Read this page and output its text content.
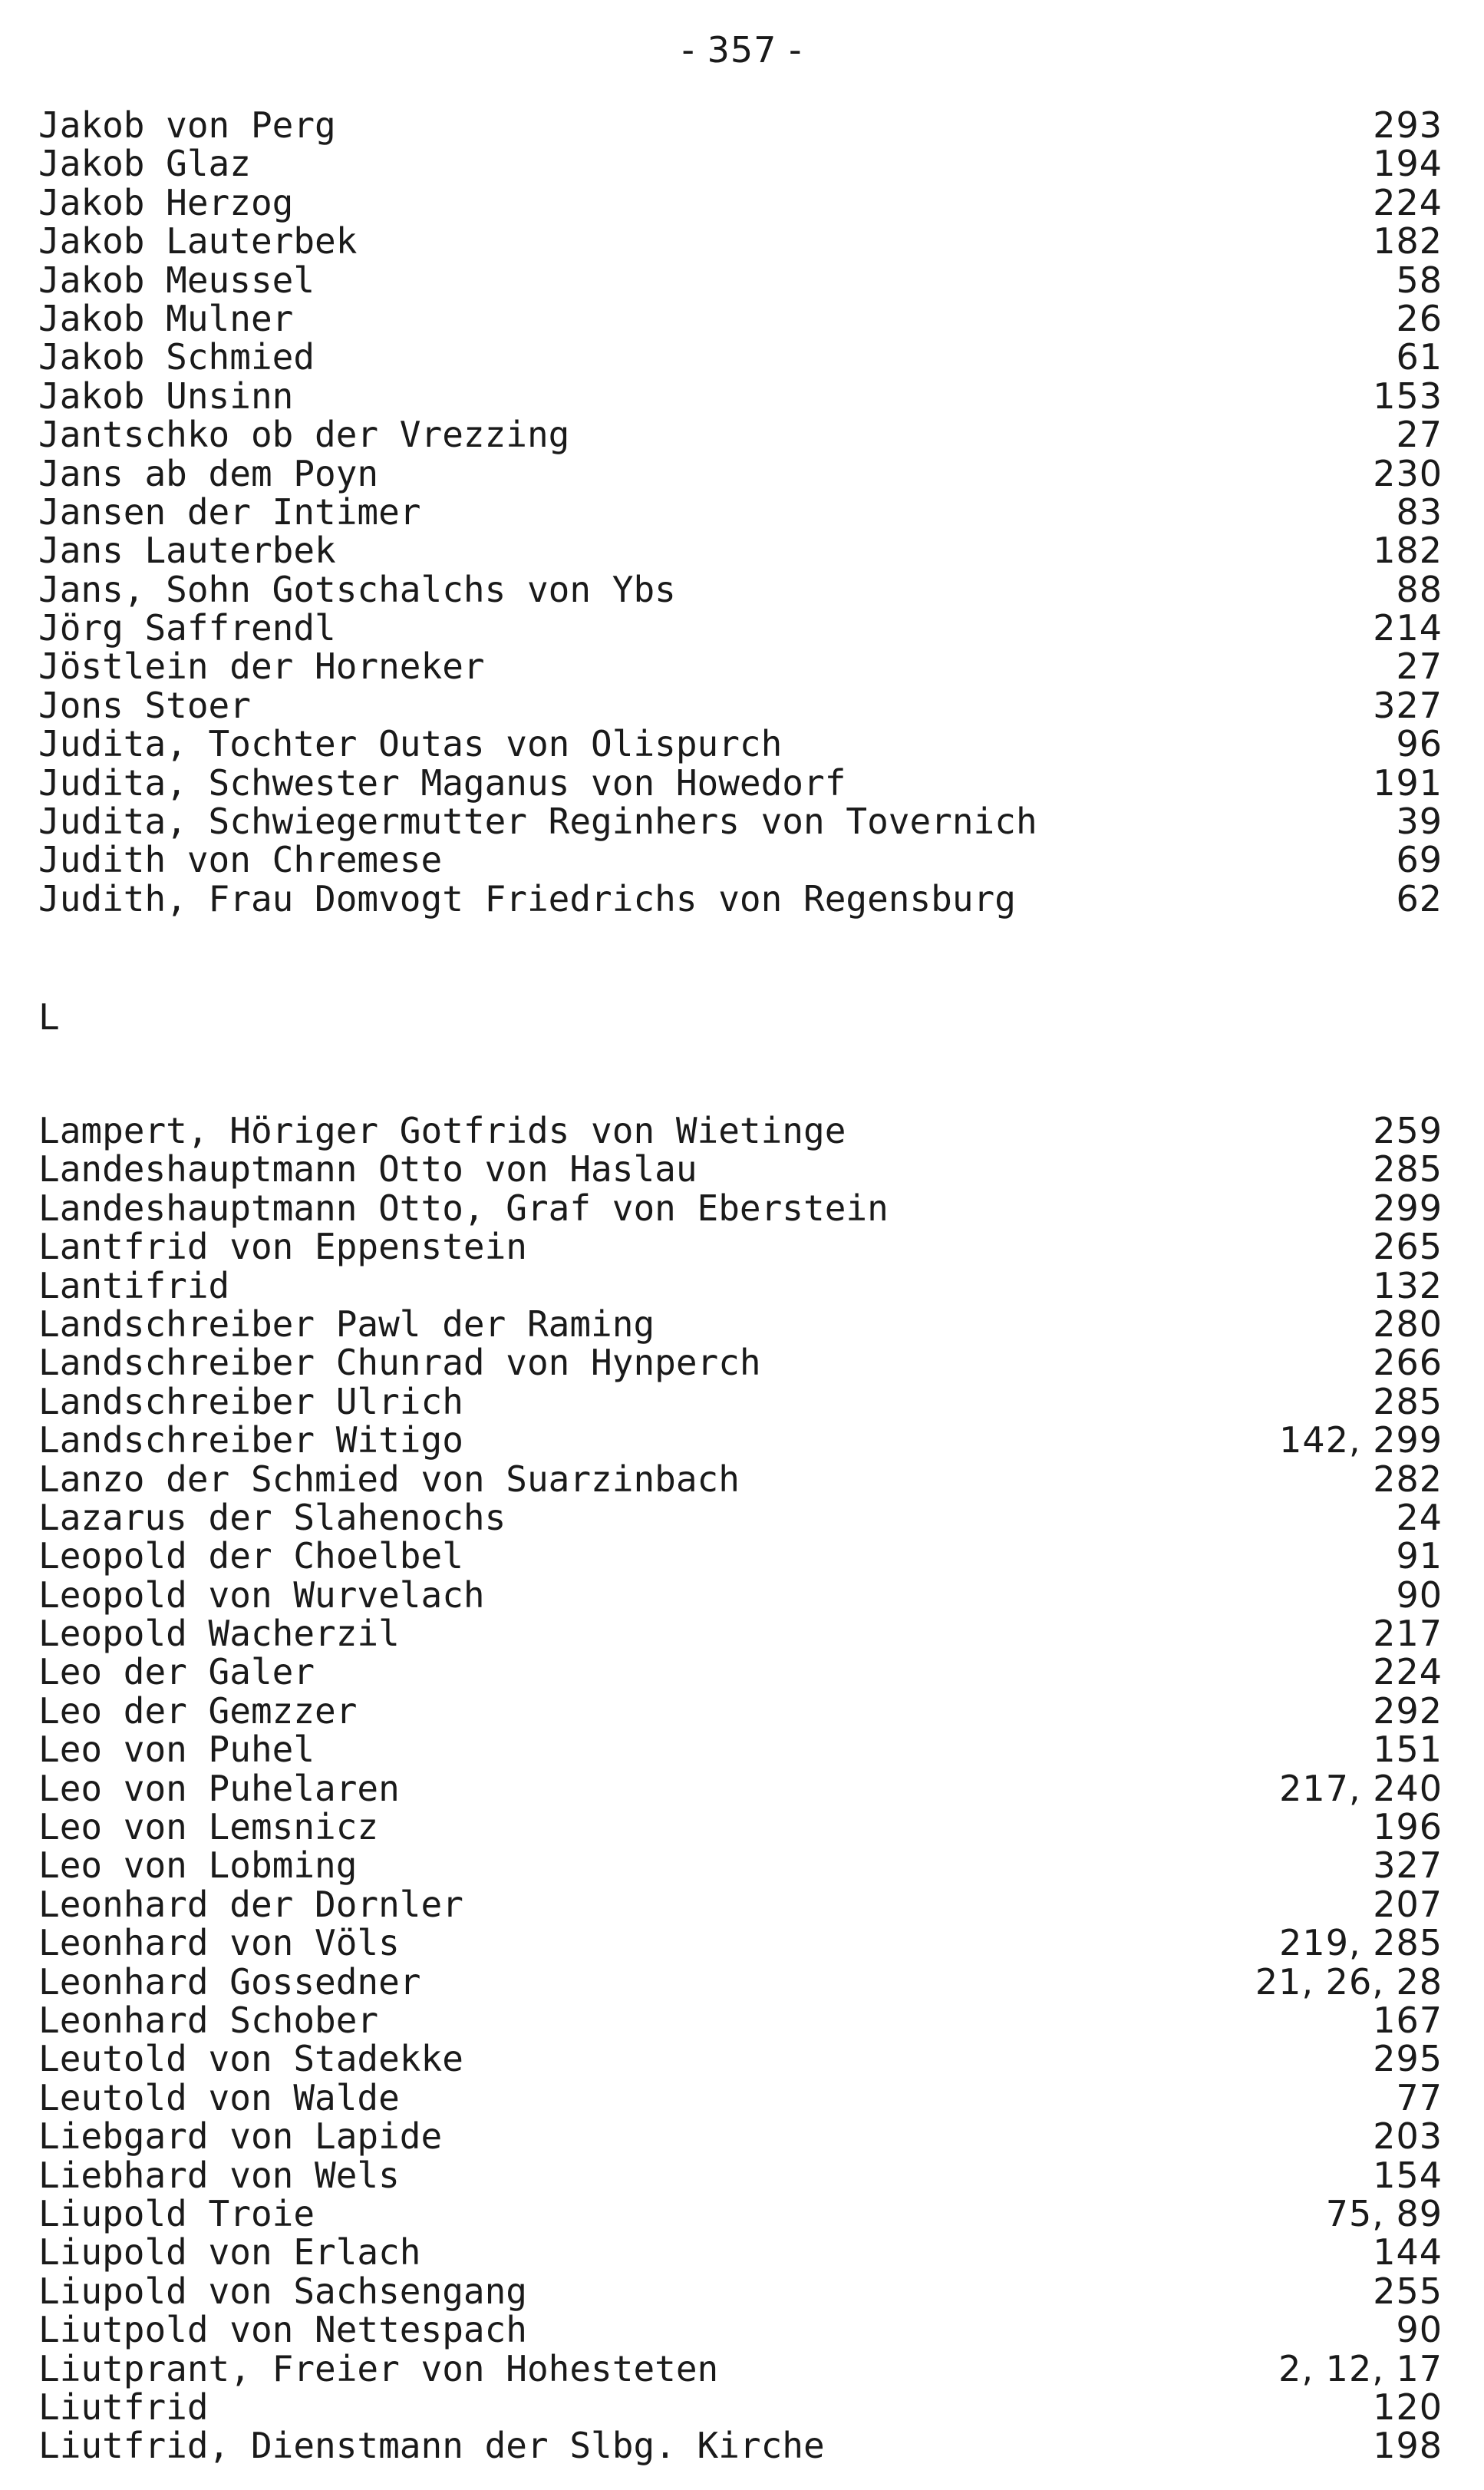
- 357 -
Jakob von Perg	293
Jakob Glaz	194
Jakob Herzog	224
Jakob Lauterbek	182
Jakob Meussel	58
Jakob Mulner	26
Jakob Schmied	61
Jakob Unsinn	153
Jantschko ob der Vrezzing	27
Jans ab dem Poyn	230
Jansen der Intimer	83
Jans Lauterbek	182
Jans, Sohn Gotschalchs von Ybs	88
Jörg Saffrendl	214
Jöstlein der Horneker	27
Jons Stoer	327
Judita, Tochter Outas von Olispurch	96
Judita, Schwester Maganus von Howedorf	191
Judita, Schwiegermutter Reginhers von Tovernich	39
Judith von Chremese	69
Judith, Frau Domvogt Friedrichs von Regensburg	62
L
Lampert, Höriger Gotfrids von Wietinge	259
Landeshauptmann Otto von Haslau	285
Landeshauptmann Otto, Graf von Eberstein	299
Lantfrid von Eppenstein	265
Lantifrid	132
Landschreiber Pawl der Raming	280
Landschreiber Chunrad von Hynperch	266
Landschreiber Ulrich	285
Landschreiber Witigo	142, 299
Lanzo der Schmied von Suarzinbach	282
Lazarus der Slahenochs	24
Leopold der Choelbel	91
Leopold von Wurvelach	90
Leopold Wacherzil	217
Leo der Galer	224
Leo der Gemzzer	292
Leo von Puhel	151
Leo von Puhelaren	217, 240
Leo von Lemsnicz	196
Leo von Lobming	327
Leonhard der Dornler	207
Leonhard von Völs	219, 285
Leonhard Gossedner	21, 26, 28
Leonhard Schober	167
Leutold von Stadekke	295
Leutold von Walde	77
Liebgard von Lapide	203
Liebhard von Wels	154
Liupold Troie	75, 89
Liupold von Erlach	144
Liupold von Sachsengang	255
Liutpold von Nettespach	90
Liutprant, Freier von Hohesteten	2, 12, 17
Liutfrid	120
Liutfrid, Dienstmann der Slbg. Kirche	198
